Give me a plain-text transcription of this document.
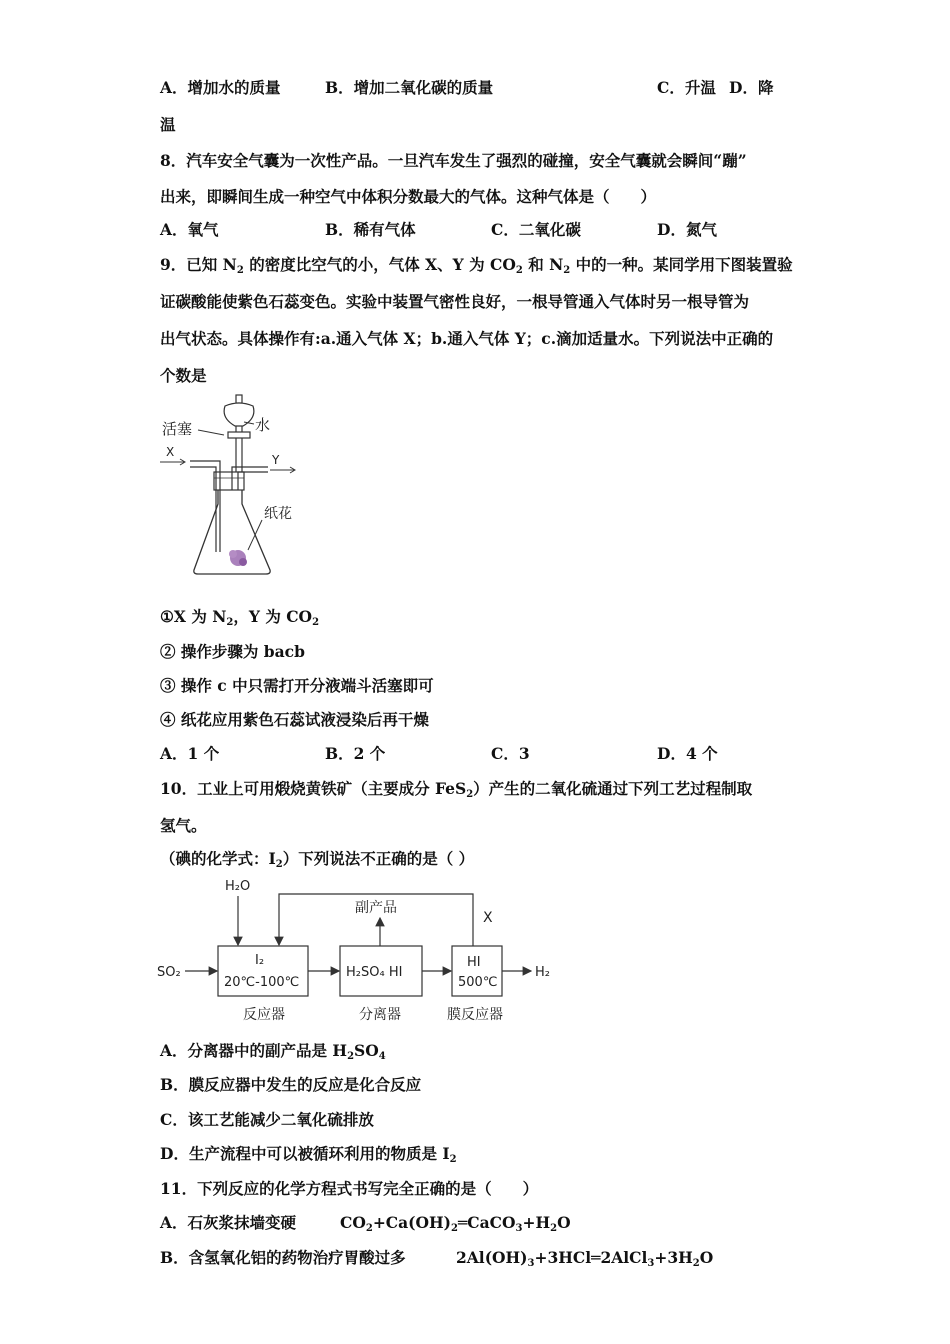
A．增加水的质量	B．增加二氧化碳的质量	C．升温 D．降
温
8．汽车安全气囊为一次性产品。一旦汽车发生了强烈的碰撞，安全气囊就会瞬间“蹦”
出来，即瞬间生成一种空气中体积分数最大的气体。这种气体是（　　）
A．氧气	B．稀有气体	C．二氧化碳	D．氮气
9．已知 $N_2$ 的密度比空气的小，气体 X、Y 为 $CO_2$ 和 $N_2$ 中的一种。某同学用下图装置验
证碳酸能使紫色石蕊变色。实验中装置气密性良好，一根导管通入气体时另一根导管为
出气状态。具体操作有:a.通入气体 X；b.通入气体 Y；c.滴加适量水。下列说法中正确的
个数是
活塞	水
X
Y
纸花
①X 为 $N_2$，Y 为 $CO_2$
② 操作步骤为 bacb
③ 操作 c 中只需打开分液端斗活塞即可
④ 纸花应用紫色石蕊试液浸染后再干燥
A．1 个	B．2 个	C．3	D．4 个
10．工业上可用煅烧黄铁矿（主要成分 FeS$_2$）产生的二氧化硫通过下列工艺过程制取
氢气。
（碘的化学式：$I_2$）下列说法不正确的是（ ）
H₂O
SO₂
I₂
20℃-100℃
反应器
H₂SO₄ HI
分离器
副产品
HI
500℃
膜反应器
H₂
X
A．分离器中的副产品是 $H_2SO_4$
B．膜反应器中发生的反应是化合反应
C．该工艺能减少二氧化硫排放
D．生产流程中可以被循环利用的物质是 $I_2$
11．下列反应的化学方程式书写完全正确的是（　　）
A．石灰浆抹墙变硬	$CO_2+Ca(OH)_2═CaCO_3+H_2O$
B．含氢氧化铝的药物治疗胃酸过多	$2Al(OH)_3+3HCl═2AlCl_3+3H_2O$
